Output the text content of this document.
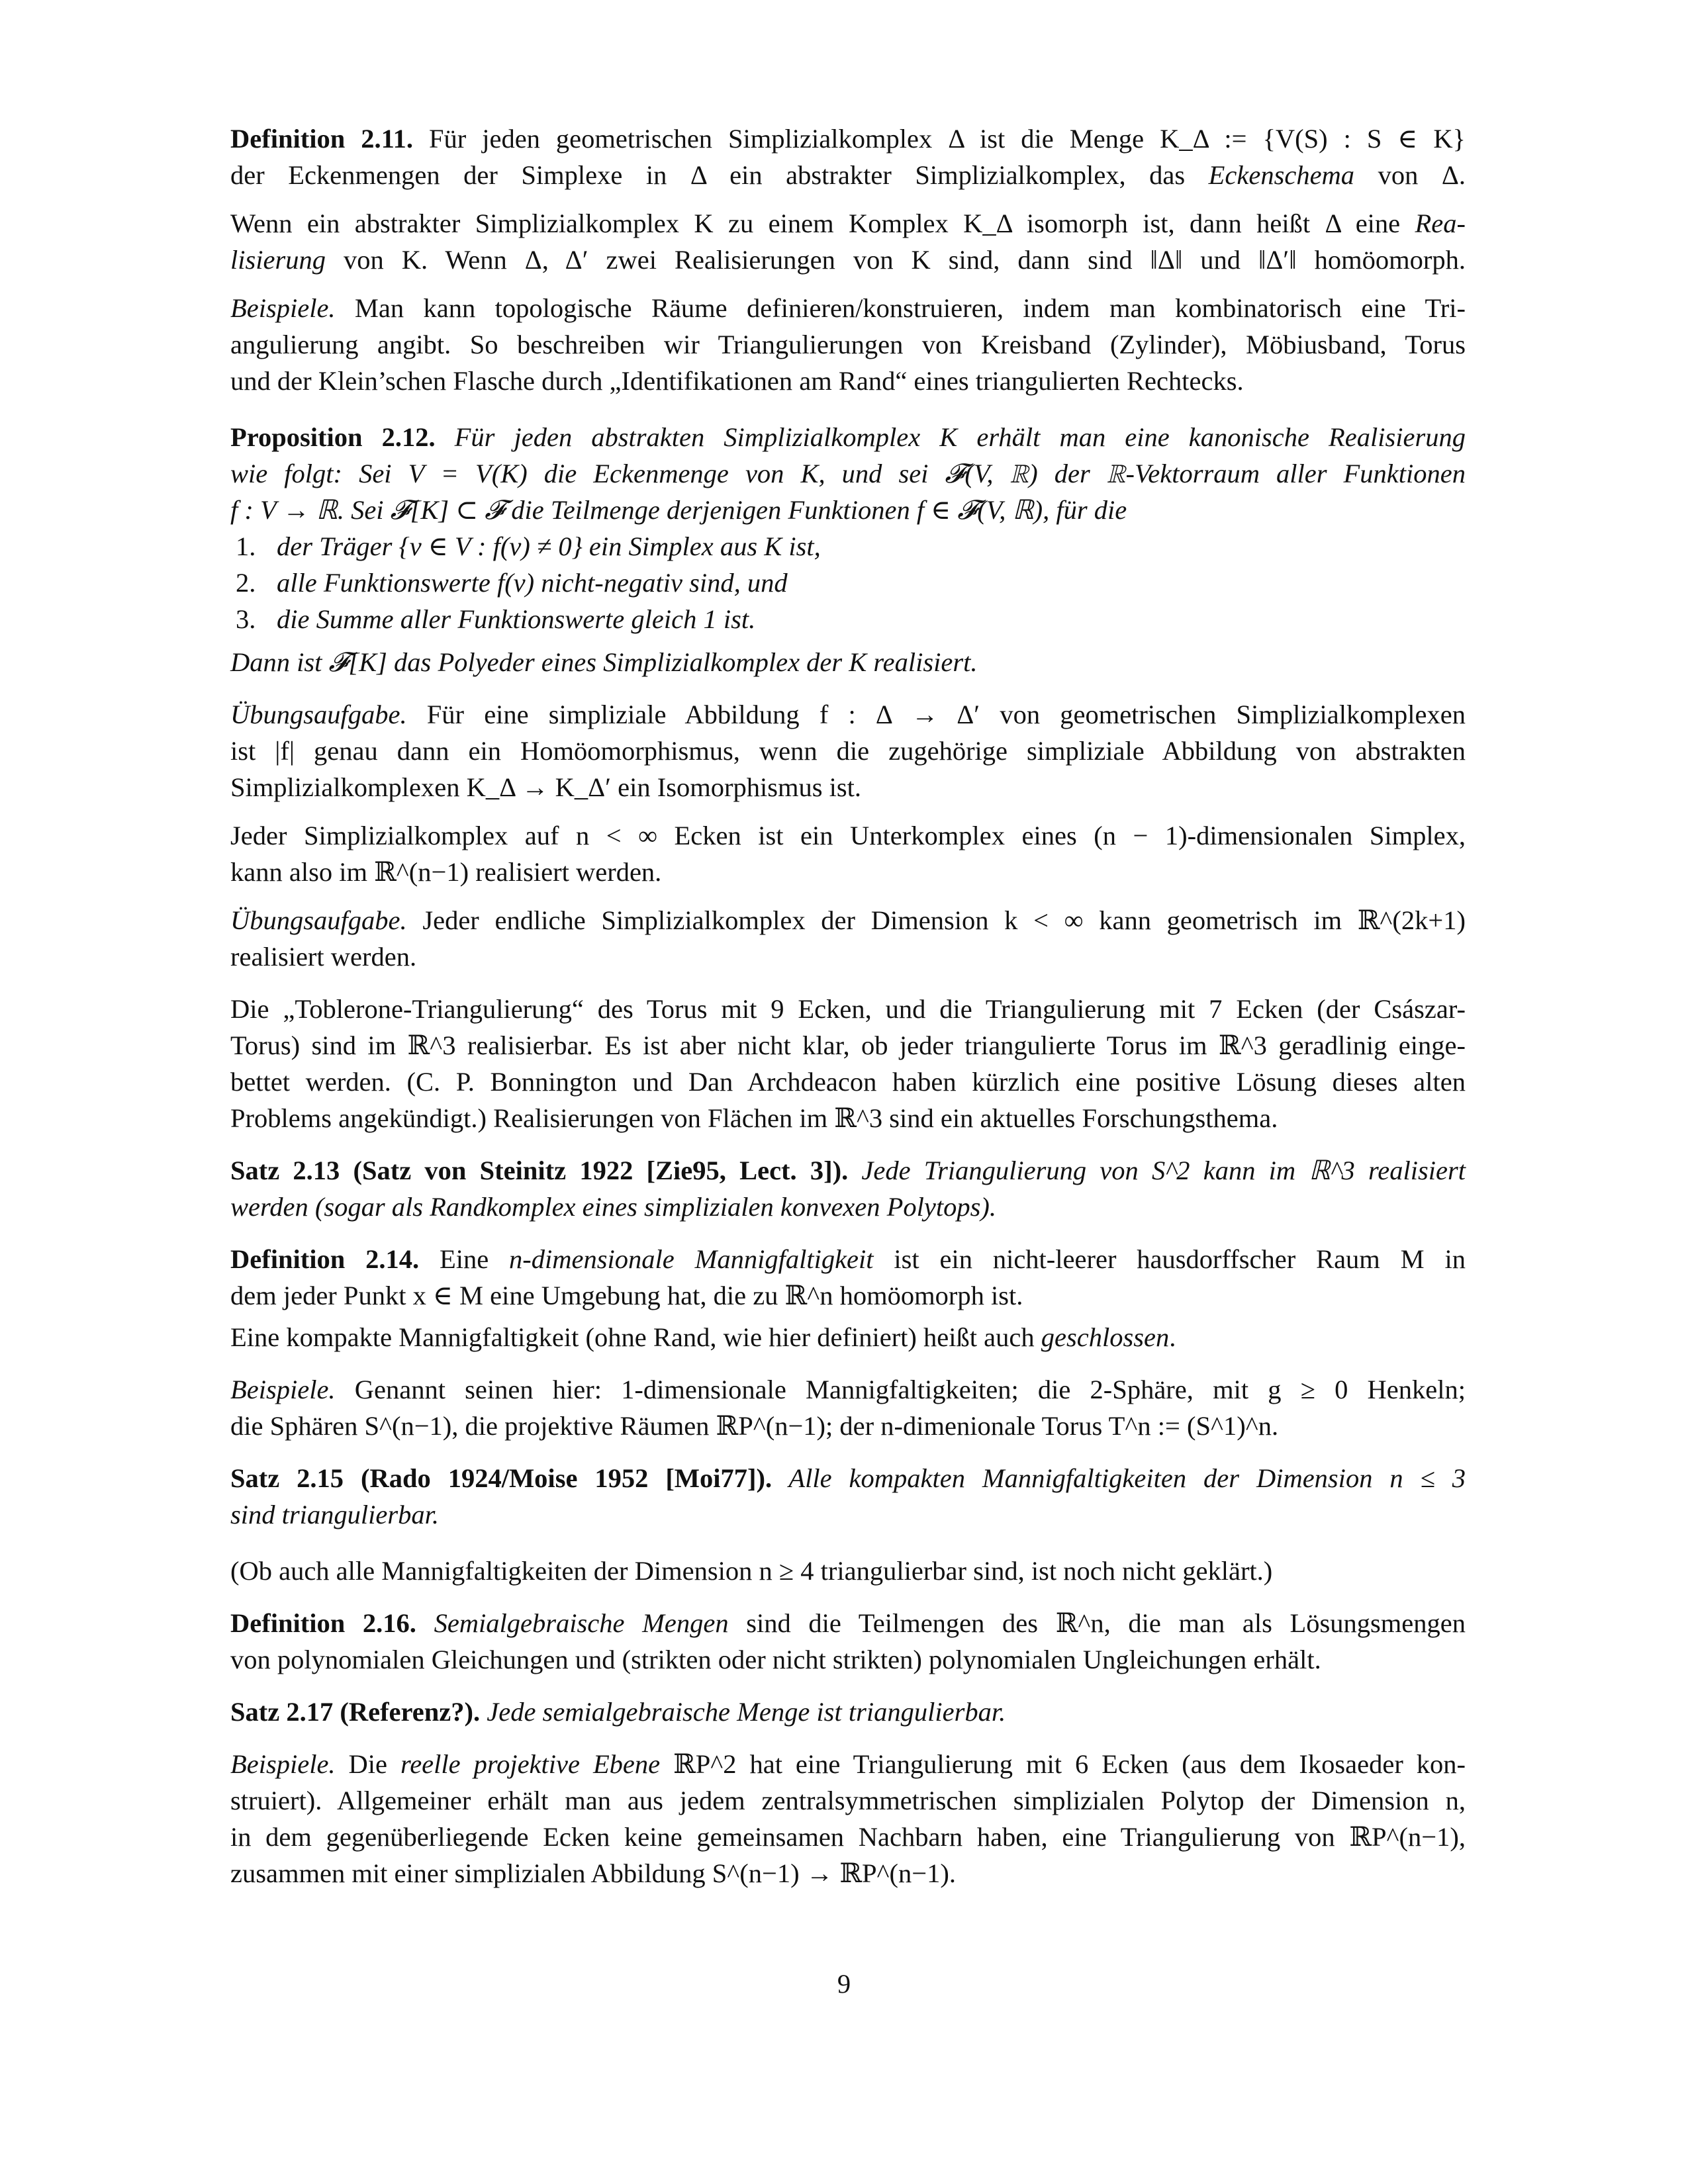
Definition 2.11. Für jeden geometrischen Simplizialkomplex Δ ist die Menge K_Δ := {V(S) : S ∈ K}
der Eckenmengen der Simplexe in Δ ein abstrakter Simplizialkomplex, das Eckenschema von Δ.
Wenn ein abstrakter Simplizialkomplex K zu einem Komplex K_Δ isomorph ist, dann heißt Δ eine Rea-
lisierung von K. Wenn Δ, Δ′ zwei Realisierungen von K sind, dann sind ‖Δ‖ und ‖Δ′‖ homöomorph.
Beispiele. Man kann topologische Räume definieren/konstruieren, indem man kombinatorisch eine Tri-
angulierung angibt. So beschreiben wir Triangulierungen von Kreisband (Zylinder), Möbiusband, Torus
und der Klein’schen Flasche durch „Identifikationen am Rand“ eines triangulierten Rechtecks.
Proposition 2.12. Für jeden abstrakten Simplizialkomplex K erhält man eine kanonische Realisierung
wie folgt: Sei V = V(K) die Eckenmenge von K, und sei 𝓕(V, ℝ) der ℝ-Vektorraum aller Funktionen
f : V → ℝ. Sei 𝓕[K] ⊂ 𝓕 die Teilmenge derjenigen Funktionen f ∈ 𝓕(V, ℝ), für die
1. der Träger {v ∈ V : f(v) ≠ 0} ein Simplex aus K ist,
2. alle Funktionswerte f(v) nicht-negativ sind, und
3. die Summe aller Funktionswerte gleich 1 ist.
Dann ist 𝓕[K] das Polyeder eines Simplizialkomplex der K realisiert.
Übungsaufgabe. Für eine simpliziale Abbildung f : Δ → Δ′ von geometrischen Simplizialkomplexen
ist |f| genau dann ein Homöomorphismus, wenn die zugehörige simpliziale Abbildung von abstrakten
Simplizialkomplexen K_Δ → K_Δ′ ein Isomorphismus ist.
Jeder Simplizialkomplex auf n < ∞ Ecken ist ein Unterkomplex eines (n − 1)-dimensionalen Simplex,
kann also im ℝ^(n−1) realisiert werden.
Übungsaufgabe. Jeder endliche Simplizialkomplex der Dimension k < ∞ kann geometrisch im ℝ^(2k+1)
realisiert werden.
Die „Toblerone-Triangulierung“ des Torus mit 9 Ecken, und die Triangulierung mit 7 Ecken (der Császar-
Torus) sind im ℝ^3 realisierbar. Es ist aber nicht klar, ob jeder triangulierte Torus im ℝ^3 geradlinig einge-
bettet werden. (C. P. Bonnington und Dan Archdeacon haben kürzlich eine positive Lösung dieses alten
Problems angekündigt.) Realisierungen von Flächen im ℝ^3 sind ein aktuelles Forschungsthema.
Satz 2.13 (Satz von Steinitz 1922 [Zie95, Lect. 3]). Jede Triangulierung von S^2 kann im ℝ^3 realisiert
werden (sogar als Randkomplex eines simplizialen konvexen Polytops).
Definition 2.14. Eine n-dimensionale Mannigfaltigkeit ist ein nicht-leerer hausdorffscher Raum M in
dem jeder Punkt x ∈ M eine Umgebung hat, die zu ℝ^n homöomorph ist.
Eine kompakte Mannigfaltigkeit (ohne Rand, wie hier definiert) heißt auch geschlossen.
Beispiele. Genannt seinen hier: 1-dimensionale Mannigfaltigkeiten; die 2-Sphäre, mit g ≥ 0 Henkeln;
die Sphären S^(n−1), die projektive Räumen ℝP^(n−1); der n-dimenionale Torus T^n := (S^1)^n.
Satz 2.15 (Rado 1924/Moise 1952 [Moi77]). Alle kompakten Mannigfaltigkeiten der Dimension n ≤ 3
sind triangulierbar.
(Ob auch alle Mannigfaltigkeiten der Dimension n ≥ 4 triangulierbar sind, ist noch nicht geklärt.)
Definition 2.16. Semialgebraische Mengen sind die Teilmengen des ℝ^n, die man als Lösungsmengen
von polynomialen Gleichungen und (strikten oder nicht strikten) polynomialen Ungleichungen erhält.
Satz 2.17 (Referenz?). Jede semialgebraische Menge ist triangulierbar.
Beispiele. Die reelle projektive Ebene ℝP^2 hat eine Triangulierung mit 6 Ecken (aus dem Ikosaeder kon-
struiert). Allgemeiner erhält man aus jedem zentralsymmetrischen simplizialen Polytop der Dimension n,
in dem gegenüberliegende Ecken keine gemeinsamen Nachbarn haben, eine Triangulierung von ℝP^(n−1),
zusammen mit einer simplizialen Abbildung S^(n−1) → ℝP^(n−1).
9
